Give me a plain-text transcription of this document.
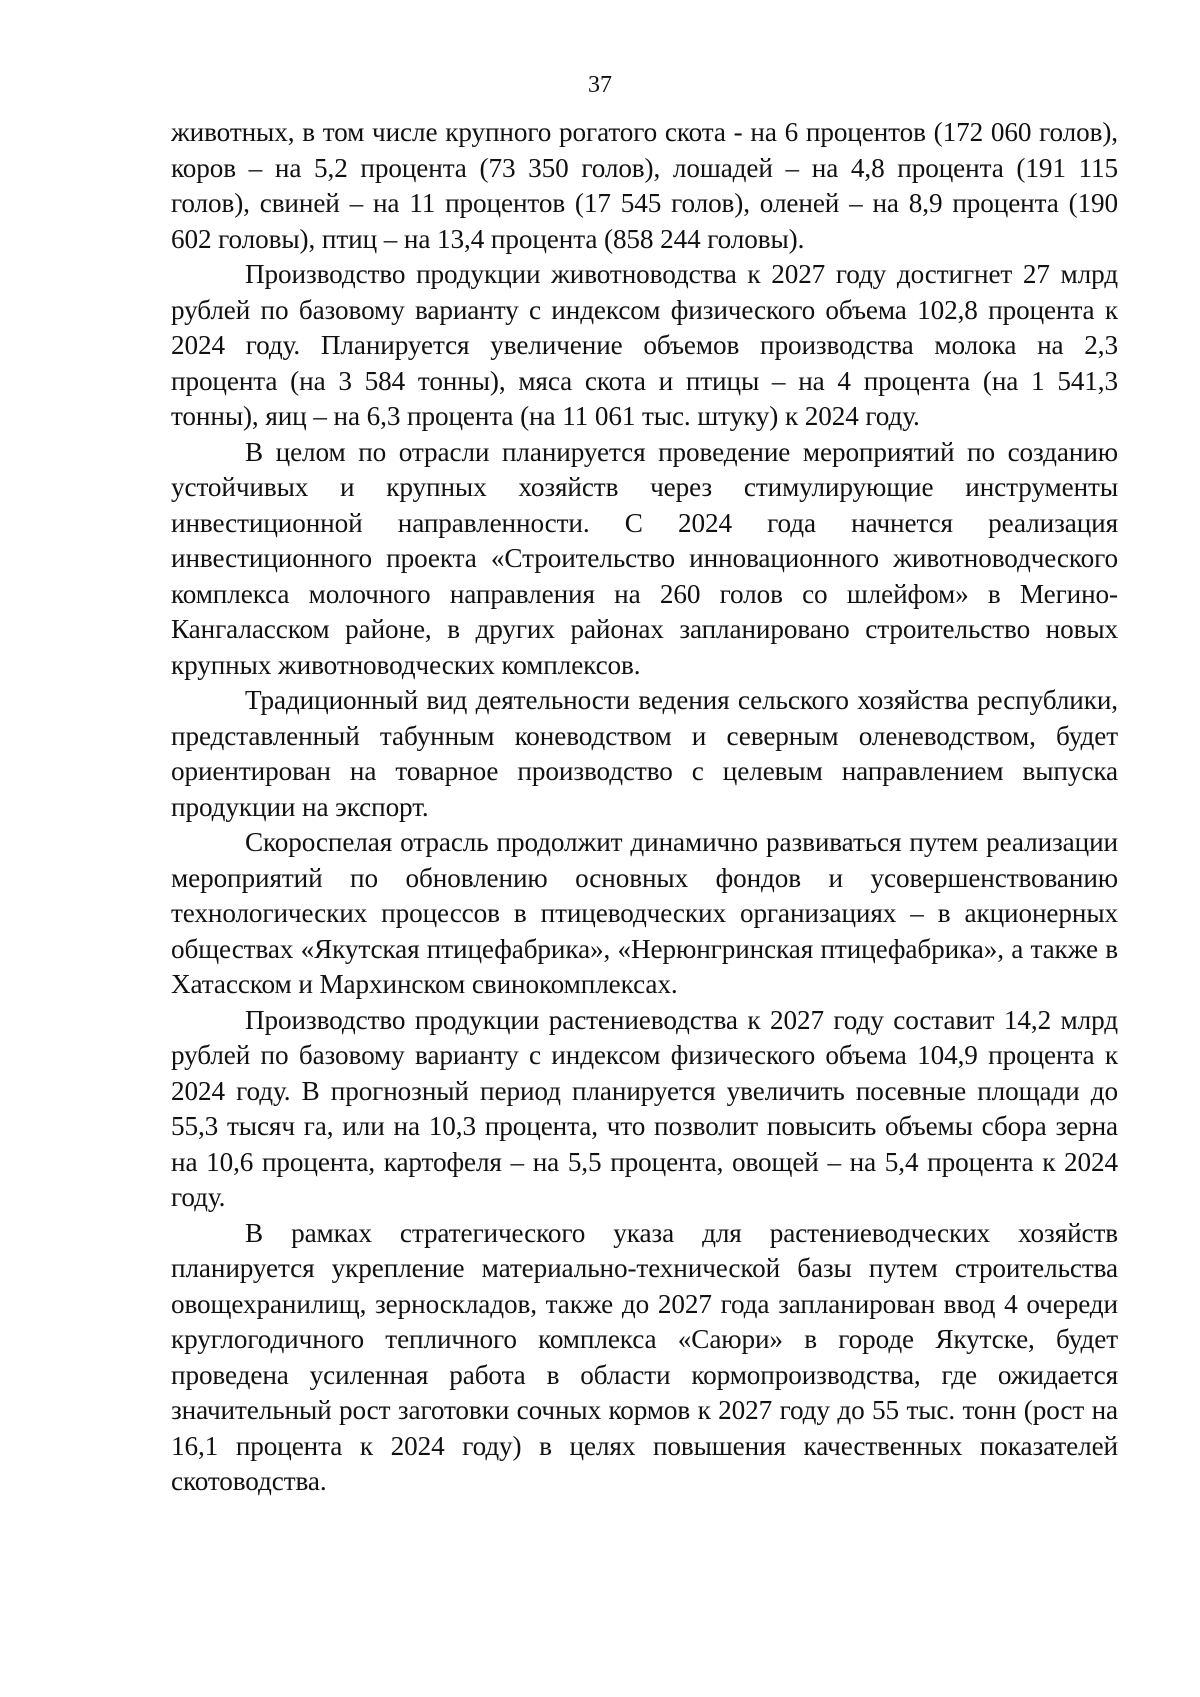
37

животных, в том числе крупного рогатого скота - на 6 процентов (172 060 голов), коров – на 5,2 процента (73 350 голов), лошадей – на 4,8 процента (191 115 голов), свиней – на 11 процентов (17 545 голов), оленей – на 8,9 процента (190 602 головы), птиц – на 13,4 процента (858 244 головы).

Производство продукции животноводства к 2027 году достигнет 27 млрд рублей по базовому варианту с индексом физического объема 102,8 процента к 2024 году. Планируется увеличение объемов производства молока на 2,3 процента (на 3 584 тонны), мяса скота и птицы – на 4 процента (на 1 541,3 тонны), яиц – на 6,3 процента (на 11 061 тыс. штуку) к 2024 году.

В целом по отрасли планируется проведение мероприятий по созданию устойчивых и крупных хозяйств через стимулирующие инструменты инвестиционной направленности. С 2024 года начнется реализация инвестиционного проекта «Строительство инновационного животноводческого комплекса молочного направления на 260 голов со шлейфом» в Мегино-Кангаласском районе, в других районах запланировано строительство новых крупных животноводческих комплексов.

Традиционный вид деятельности ведения сельского хозяйства республики, представленный табунным коневодством и северным оленеводством, будет ориентирован на товарное производство с целевым направлением выпуска продукции на экспорт.

Скороспелая отрасль продолжит динамично развиваться путем реализации мероприятий по обновлению основных фондов и усовершенствованию технологических процессов в птицеводческих организациях – в акционерных обществах «Якутская птицефабрика», «Нерюнгринская птицефабрика», а также в Хатасском и Мархинском свинокомплексах.

Производство продукции растениеводства к 2027 году составит 14,2 млрд рублей по базовому варианту с индексом физического объема 104,9 процента к 2024 году. В прогнозный период планируется увеличить посевные площади до 55,3 тысяч га, или на 10,3 процента, что позволит повысить объемы сбора зерна на 10,6 процента, картофеля – на 5,5 процента, овощей – на 5,4 процента к 2024 году.

В рамках стратегического указа для растениеводческих хозяйств планируется укрепление материально-технической базы путем строительства овощехранилищ, зерноскладов, также до 2027 года запланирован ввод 4 очереди круглогодичного тепличного комплекса «Саюри» в городе Якутске, будет проведена усиленная работа в области кормопроизводства, где ожидается значительный рост заготовки сочных кормов к 2027 году до 55 тыс. тонн (рост на 16,1 процента к 2024 году) в целях повышения качественных показателей скотоводства.
